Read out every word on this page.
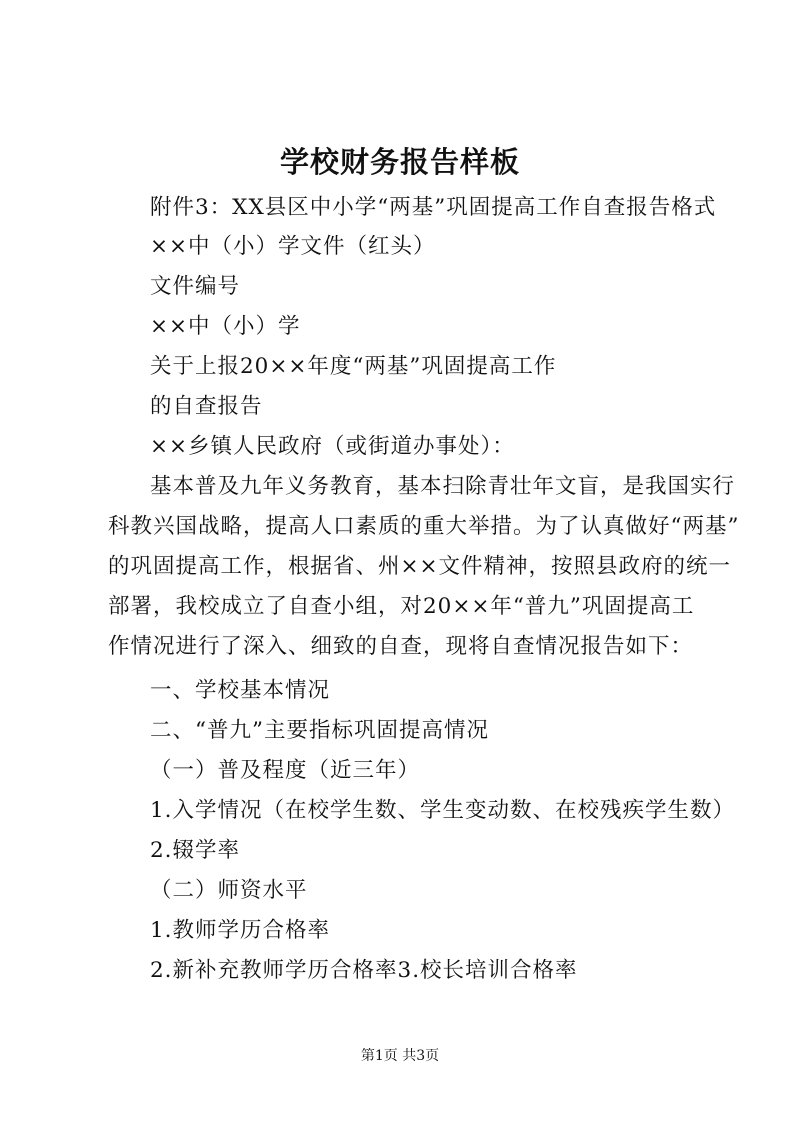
学校财务报告样板
附件3：XX县区中小学“两基”巩固提高工作自查报告格式
××中（小）学文件（红头）
文件编号
××中（小）学
关于上报20××年度“两基”巩固提高工作
的自查报告
××乡镇人民政府（或街道办事处）：
基本普及九年义务教育，基本扫除青壮年文盲，是我国实行
科教兴国战略，提高人口素质的重大举措。为了认真做好“两基”
的巩固提高工作，根据省、州××文件精神，按照县政府的统一
部署，我校成立了自查小组，对20××年“普九”巩固提高工
作情况进行了深入、细致的自查，现将自查情况报告如下：
一、学校基本情况
二、“普九”主要指标巩固提高情况
（一）普及程度（近三年）
1.入学情况（在校学生数、学生变动数、在校残疾学生数）
2.辍学率
（二）师资水平
1.教师学历合格率
2.新补充教师学历合格率3.校长培训合格率
第1页 共3页
